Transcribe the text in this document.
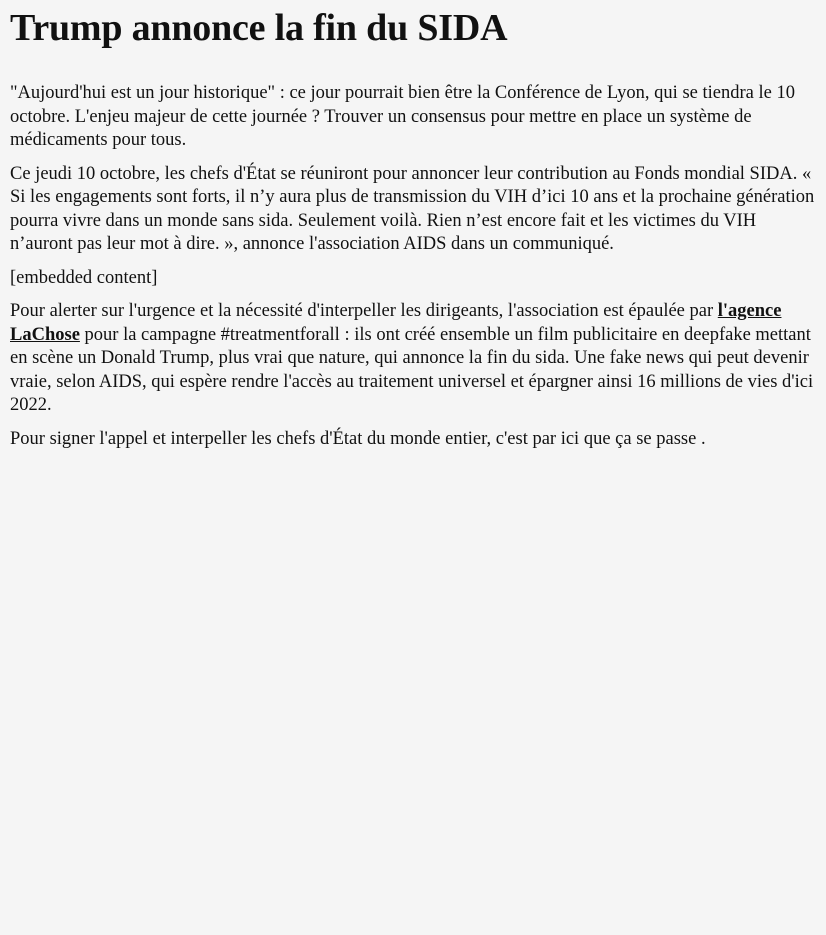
Trump annonce la fin du SIDA

"Aujourd'hui est un jour historique" : ce jour pourrait bien être la Conférence de Lyon, qui se tiendra le 10 octobre. L'enjeu majeur de cette journée ? Trouver un consensus pour mettre en place un système de médicaments pour tous.

Ce jeudi 10 octobre, les chefs d'État se réuniront pour annoncer leur contribution au Fonds mondial SIDA. « Si les engagements sont forts, il n’y aura plus de transmission du VIH d’ici 10 ans et la prochaine génération pourra vivre dans un monde sans sida. Seulement voilà. Rien n’est encore fait et les victimes du VIH n’auront pas leur mot à dire. », annonce l'association AIDS dans un communiqué.

[embedded content]

Pour alerter sur l'urgence et la nécessité d'interpeller les dirigeants, l'association est épaulée par l'agence LaChose pour la campagne #treatmentforall : ils ont créé ensemble un film publicitaire en deepfake mettant en scène un Donald Trump, plus vrai que nature, qui annonce la fin du sida. Une fake news qui peut devenir vraie, selon AIDS, qui espère rendre l'accès au traitement universel et épargner ainsi 16 millions de vies d'ici 2022.

Pour signer l'appel et interpeller les chefs d'État du monde entier, c'est par ici que ça se passe .
